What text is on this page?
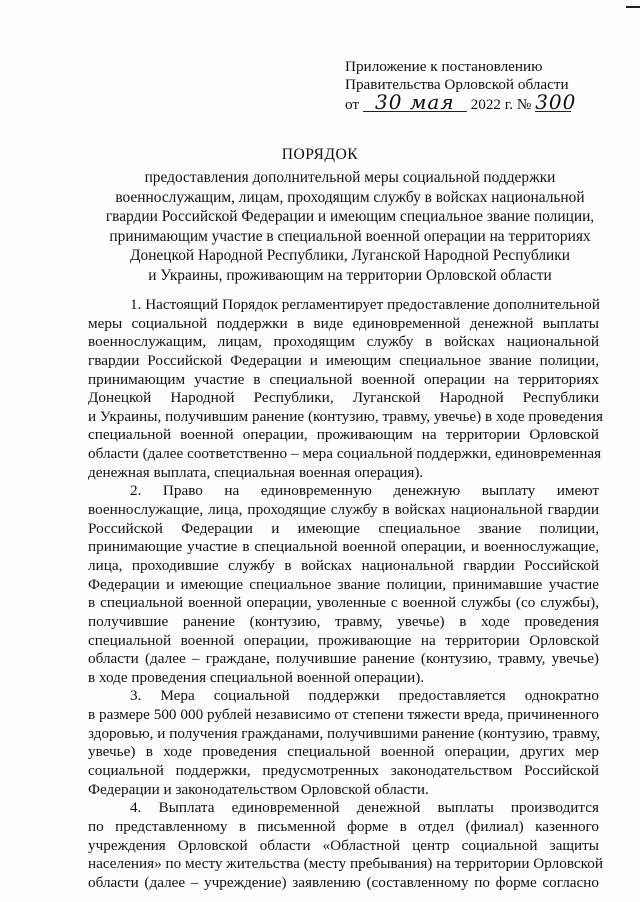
Приложение к постановлению
Правительства Орловской области
от 30 мая 2022 г. № 300
ПОРЯДОК
предоставления дополнительной меры социальной поддержки
военнослужащим, лицам, проходящим службу в войсках национальной
гвардии Российской Федерации и имеющим специальное звание полиции,
принимающим участие в специальной военной операции на территориях
Донецкой Народной Республики, Луганской Народной Республики
и Украины, проживающим на территории Орловской области
1. Настоящий Порядок регламентирует предоставление дополнительной
меры социальной поддержки в виде единовременной денежной выплаты
военнослужащим, лицам, проходящим службу в войсках национальной
гвардии Российской Федерации и имеющим специальное звание полиции,
принимающим участие в специальной военной операции на территориях
Донецкой Народной Республики, Луганской Народной Республики
и Украины, получившим ранение (контузию, травму, увечье) в ходе проведения
специальной военной операции, проживающим на территории Орловской
области (далее соответственно – мера социальной поддержки, единовременная
денежная выплата, специальная военная операция).
2. Право на единовременную денежную выплату имеют
военнослужащие, лица, проходящие службу в войсках национальной гвардии
Российской Федерации и имеющие специальное звание полиции,
принимающие участие в специальной военной операции, и военнослужащие,
лица, проходившие службу в войсках национальной гвардии Российской
Федерации и имеющие специальное звание полиции, принимавшие участие
в специальной военной операции, уволенные с военной службы (со службы),
получившие ранение (контузию, травму, увечье) в ходе проведения
специальной военной операции, проживающие на территории Орловской
области (далее – граждане, получившие ранение (контузию, травму, увечье)
в ходе проведения специальной военной операции).
3. Мера социальной поддержки предоставляется однократно
в размере 500 000 рублей независимо от степени тяжести вреда, причиненного
здоровью, и получения гражданами, получившими ранение (контузию, травму,
увечье) в ходе проведения специальной военной операции, других мер
социальной поддержки, предусмотренных законодательством Российской
Федерации и законодательством Орловской области.
4. Выплата единовременной денежной выплаты производится
по представленному в письменной форме в отдел (филиал) казенного
учреждения Орловской области «Областной центр социальной защиты
населения» по месту жительства (месту пребывания) на территории Орловской
области (далее – учреждение) заявлению (составленному по форме согласно
